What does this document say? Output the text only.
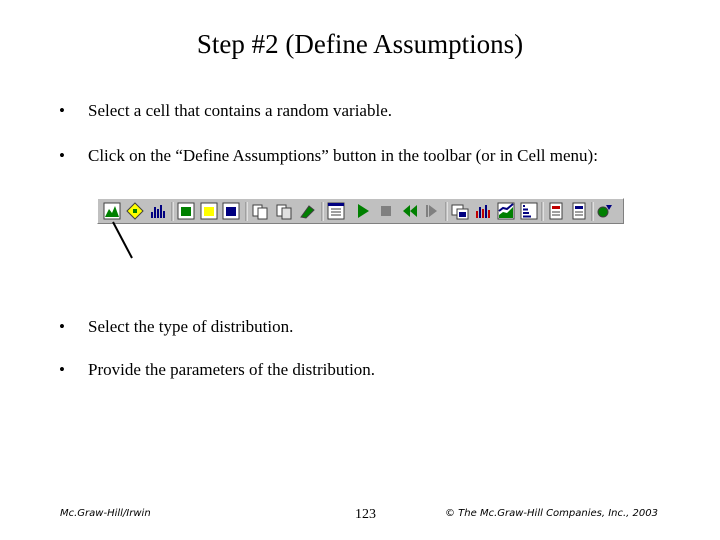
Step #2 (Define Assumptions)
• Select a cell that contains a random variable.
• Click on the “Define Assumptions” button in the toolbar (or in Cell menu):
• Select the type of distribution.
• Provide the parameters of the distribution.
Mc.Graw-Hill/Irwin	123	© The Mc.Graw-Hill Companies, Inc., 2003
